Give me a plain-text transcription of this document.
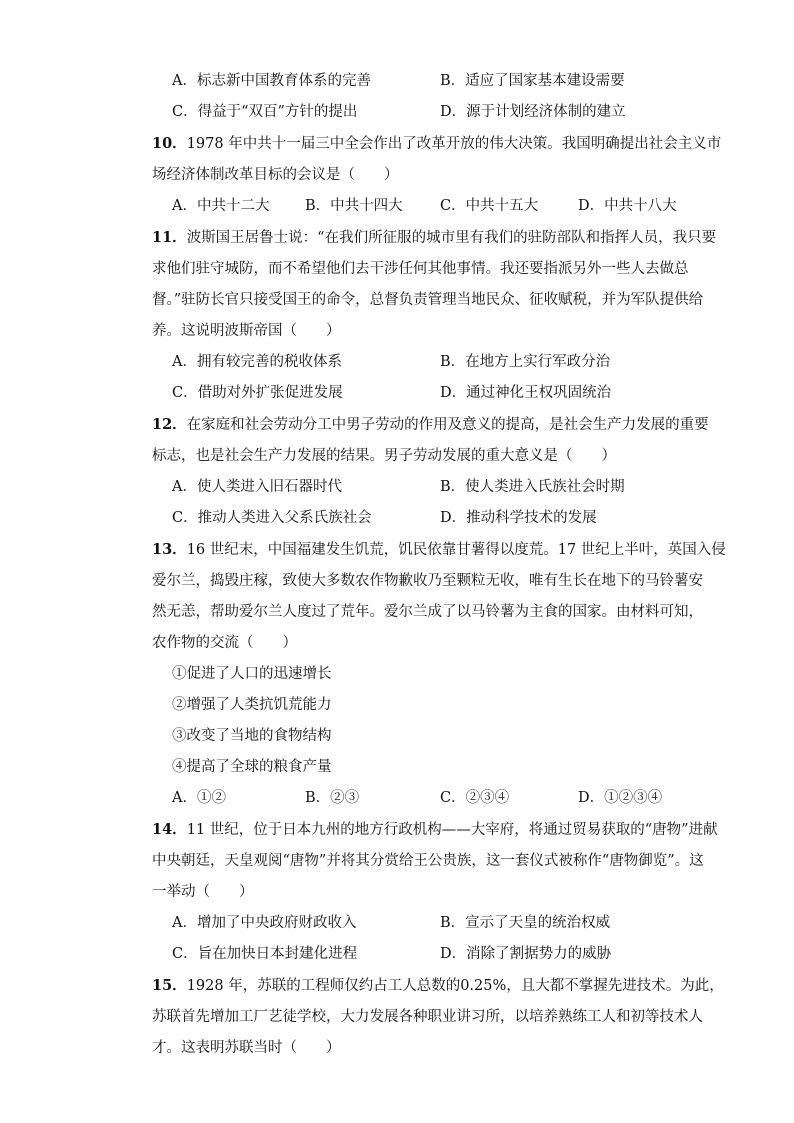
A．标志新中国教育体系的完善	B．适应了国家基本建设需要
C．得益于“双百”方针的提出	D．源于计划经济体制的建立
10．1978 年中共十一届三中全会作出了改革开放的伟大决策。我国明确提出社会主义市
场经济体制改革目标的会议是（　　）
A．中共十二大 B．中共十四大	C．中共十五大	D．中共十八大
11．波斯国王居鲁士说：“在我们所征服的城市里有我们的驻防部队和指挥人员，我只要
求他们驻守城防，而不希望他们去干涉任何其他事情。我还要指派另外一些人去做总
督。”驻防长官只接受国王的命令，总督负责管理当地民众、征收赋税，并为军队提供给
养。这说明波斯帝国（　　）
A．拥有较完善的税收体系	B．在地方上实行军政分治
C．借助对外扩张促进发展	D．通过神化王权巩固统治
12．在家庭和社会劳动分工中男子劳动的作用及意义的提高，是社会生产力发展的重要
标志，也是社会生产力发展的结果。男子劳动发展的重大意义是（　　）
A．使人类进入旧石器时代	B．使人类进入氏族社会时期
C．推动人类进入父系氏族社会	D．推动科学技术的发展
13．16 世纪末，中国福建发生饥荒，饥民依靠甘薯得以度荒。17 世纪上半叶，英国入侵
爱尔兰，捣毁庄稼，致使大多数农作物歉收乃至颗粒无收，唯有生长在地下的马铃薯安
然无恙，帮助爱尔兰人度过了荒年。爱尔兰成了以马铃薯为主食的国家。由材料可知，
农作物的交流（　　）
①促进了人口的迅速增长
②增强了人类抗饥荒能力
③改变了当地的食物结构
④提高了全球的粮食产量
A．①②	B．②③	C．②③④	D．①②③④
14．11 世纪，位于日本九州的地方行政机构——大宰府，将通过贸易获取的“唐物”进献
中央朝廷，天皇观阅“唐物”并将其分赏给王公贵族，这一套仪式被称作“唐物御览”。这
一举动（　　）
A．增加了中央政府财政收入	B．宣示了天皇的统治权威
C．旨在加快日本封建化进程	D．消除了割据势力的威胁
15．1928 年，苏联的工程师仅约占工人总数的0.25%，且大都不掌握先进技术。为此，
苏联首先增加工厂艺徒学校，大力发展各种职业讲习所，以培养熟练工人和初等技术人
才。这表明苏联当时（　　）
